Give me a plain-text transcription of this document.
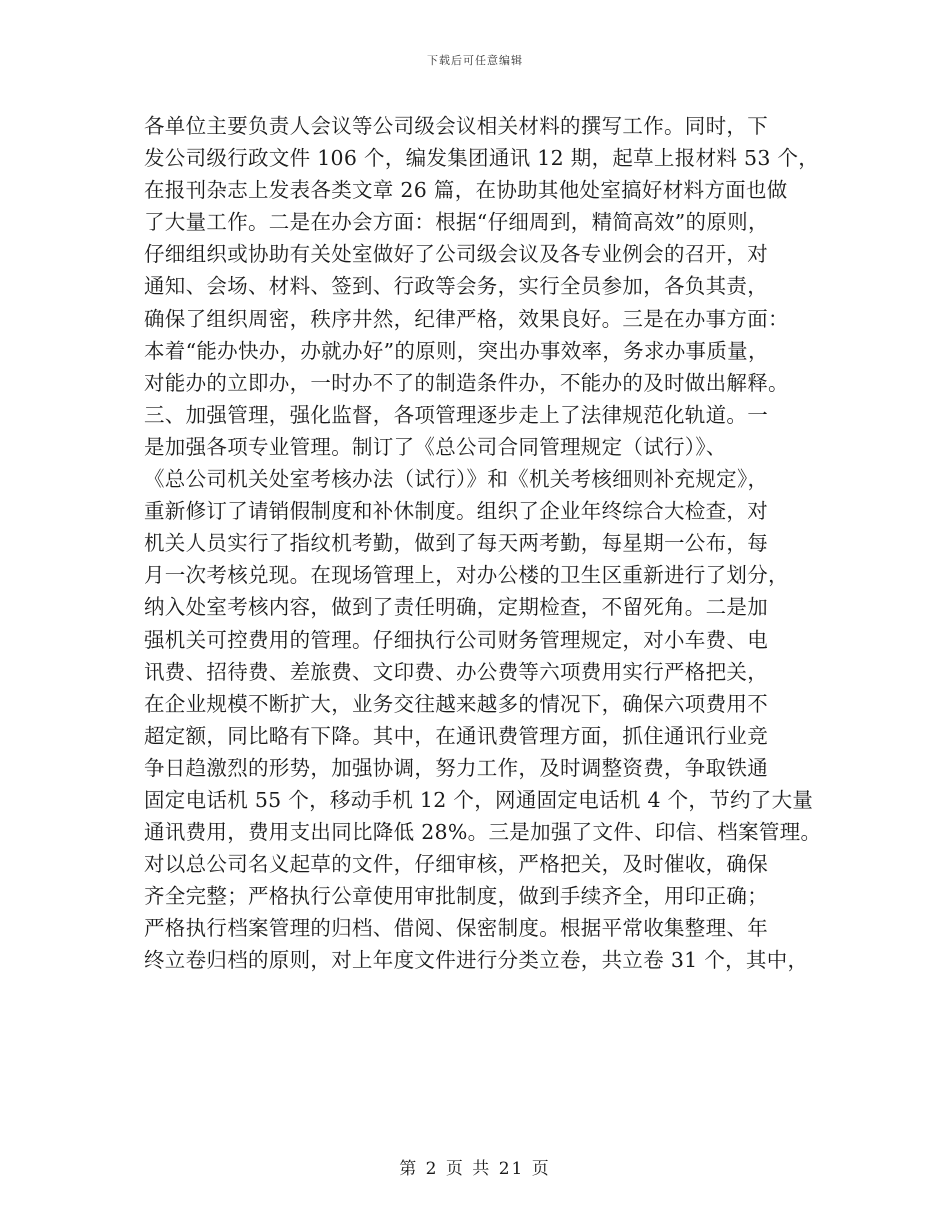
下载后可任意编辑
各单位主要负责人会议等公司级会议相关材料的撰写工作。同时，下
发公司级行政文件 106 个，编发集团通讯 12 期，起草上报材料 53 个，
在报刊杂志上发表各类文章 26 篇，在协助其他处室搞好材料方面也做
了大量工作。二是在办会方面：根据“仔细周到，精简高效”的原则，
仔细组织或协助有关处室做好了公司级会议及各专业例会的召开，对
通知、会场、材料、签到、行政等会务，实行全员参加，各负其责，
确保了组织周密，秩序井然，纪律严格，效果良好。三是在办事方面：
本着“能办快办，办就办好”的原则，突出办事效率，务求办事质量，
对能办的立即办，一时办不了的制造条件办，不能办的及时做出解释。
三、加强管理，强化监督，各项管理逐步走上了法律规范化轨道。一
是加强各项专业管理。制订了《总公司合同管理规定（试行）》、
《总公司机关处室考核办法（试行）》和《机关考核细则补充规定》，
重新修订了请销假制度和补休制度。组织了企业年终综合大检查，对
机关人员实行了指纹机考勤，做到了每天两考勤，每星期一公布，每
月一次考核兑现。在现场管理上，对办公楼的卫生区重新进行了划分，
纳入处室考核内容，做到了责任明确，定期检查，不留死角。二是加
强机关可控费用的管理。仔细执行公司财务管理规定，对小车费、电
讯费、招待费、差旅费、文印费、办公费等六项费用实行严格把关，
在企业规模不断扩大，业务交往越来越多的情况下，确保六项费用不
超定额，同比略有下降。其中，在通讯费管理方面，抓住通讯行业竞
争日趋激烈的形势，加强协调，努力工作，及时调整资费，争取铁通
固定电话机 55 个，移动手机 12 个，网通固定电话机 4 个，节约了大量
通讯费用，费用支出同比降低 28%。三是加强了文件、印信、档案管理。
对以总公司名义起草的文件，仔细审核，严格把关，及时催收，确保
齐全完整；严格执行公章使用审批制度，做到手续齐全，用印正确；
严格执行档案管理的归档、借阅、保密制度。根据平常收集整理、年
终立卷归档的原则，对上年度文件进行分类立卷，共立卷 31 个，其中，
第 2 页 共 21 页
